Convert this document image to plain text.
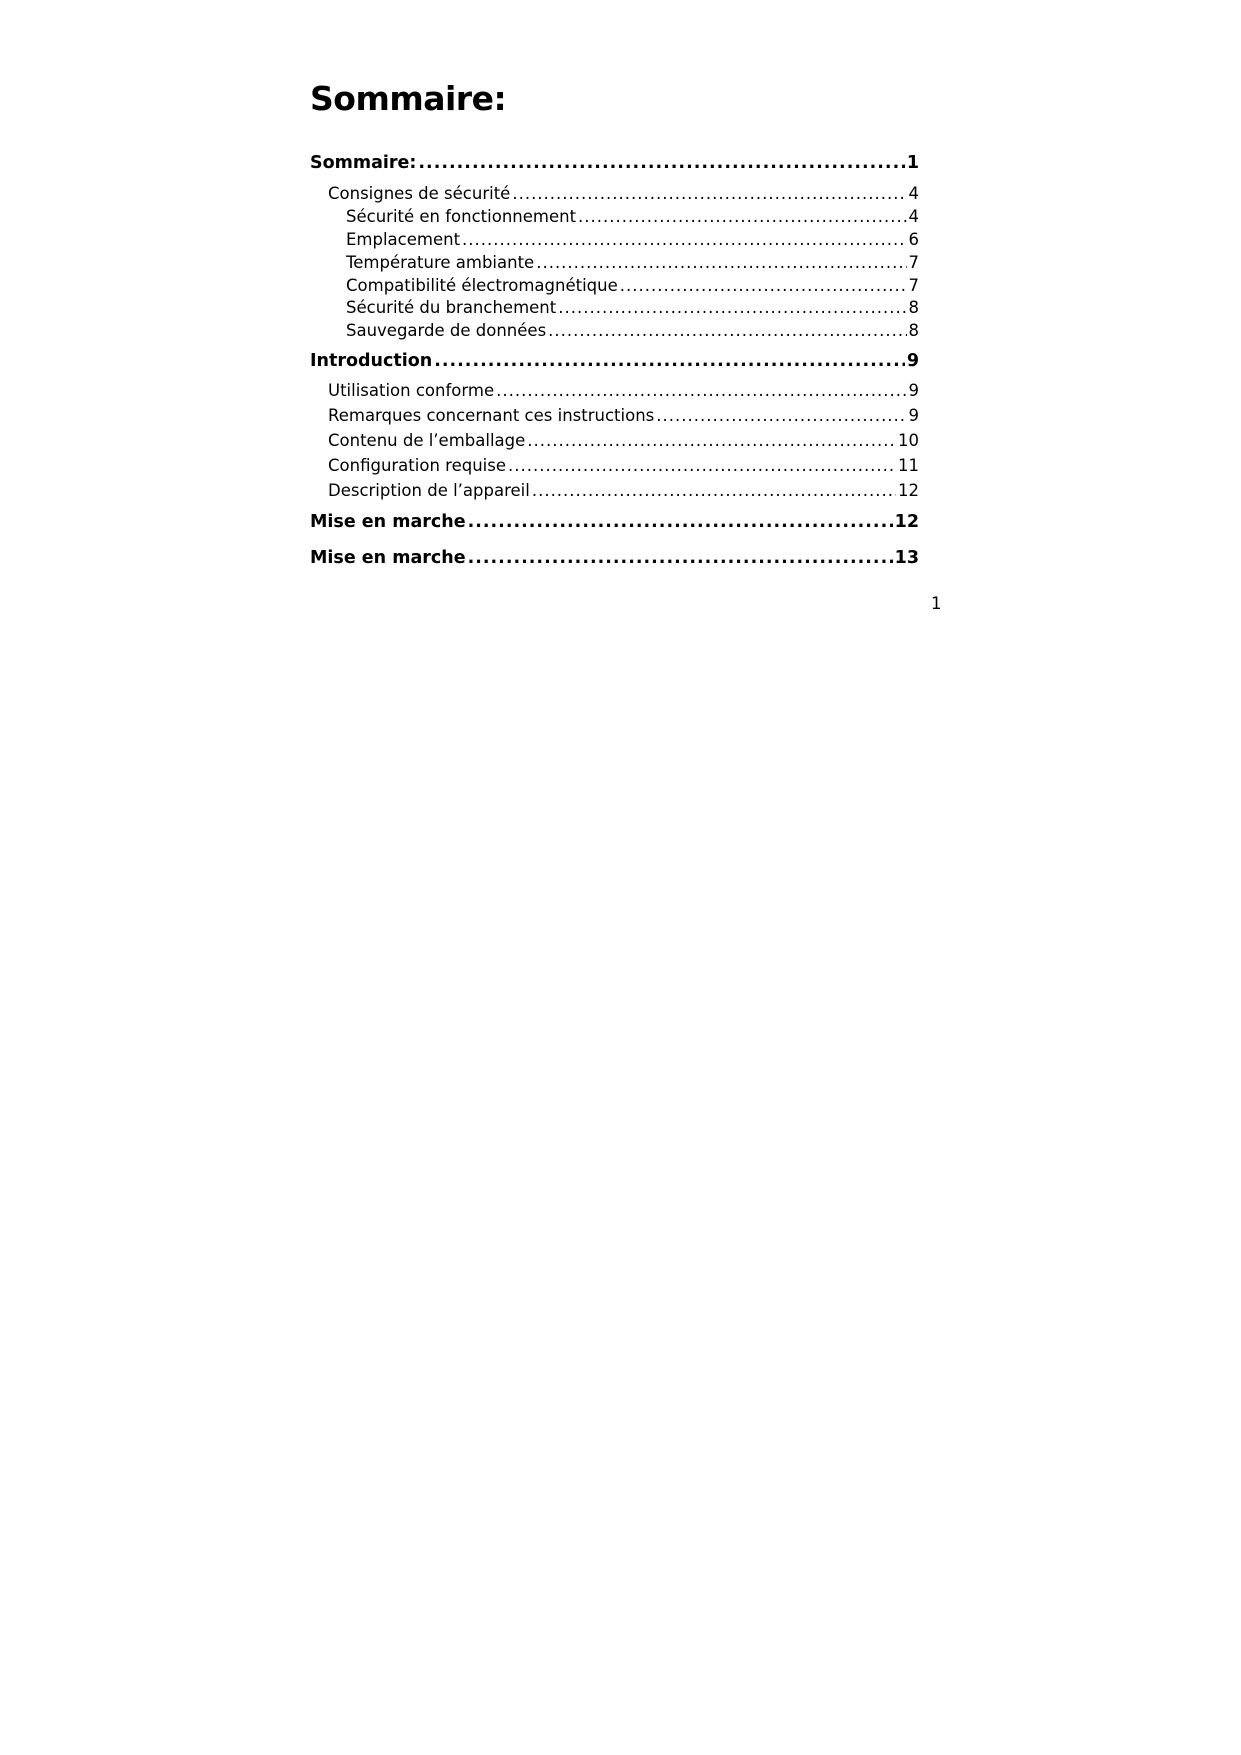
Sommaire:
Sommaire: .....	1
Consignes de sécurité .....	4
Sécurité en fonctionnement .....	4
Emplacement .....	6
Température ambiante .....	7
Compatibilité électromagnétique .....	7
Sécurité du branchement .....	8
Sauvegarde de données .....	8
Introduction .....	9
Utilisation conforme .....	9
Remarques concernant ces instructions .....	9
Contenu de l’emballage .....	10
Configuration requise .....	11
Description de l’appareil .....	12
Mise en marche .....	12
Mise en marche .....	13
1
